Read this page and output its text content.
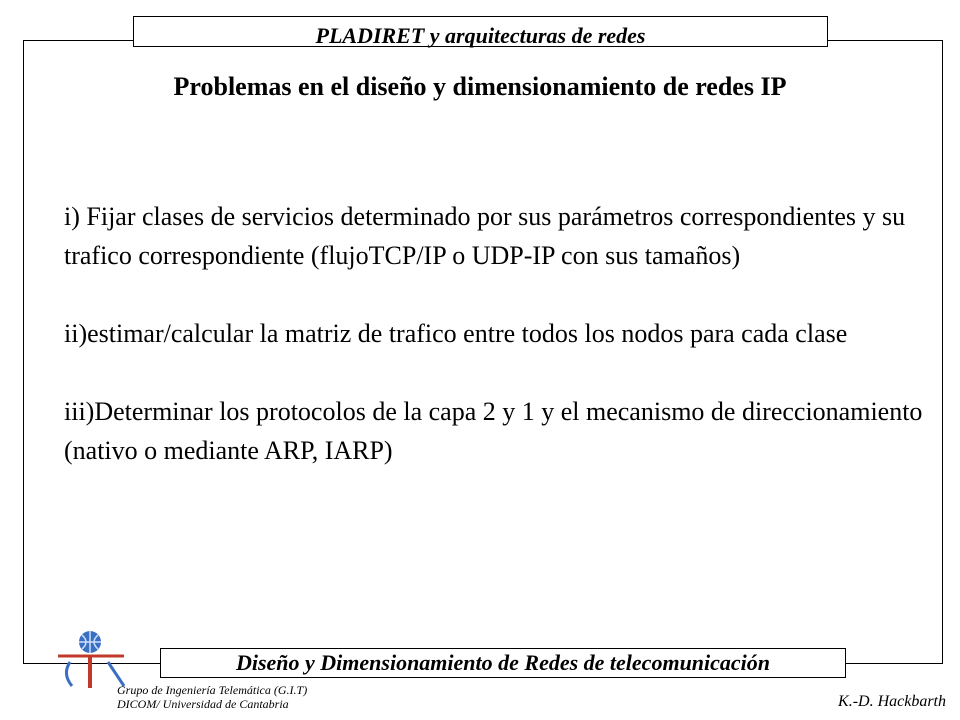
PLADIRET y arquitecturas de redes
Problemas en el diseño y dimensionamiento de redes IP

i) Fijar clases de servicios determinado por sus parámetros correspondientes y su trafico correspondiente (flujoTCP/IP o UDP-IP con sus tamaños)

ii)estimar/calcular la matriz de trafico entre todos los nodos para cada clase

iii)Determinar los protocolos de la capa 2 y 1 y el mecanismo de direccionamiento (nativo o mediante ARP, IARP)

Diseño y Dimensionamiento de Redes de telecomunicación
Grupo de Ingeniería Telemática (G.I.T)
DICOM/ Universidad de Cantabria	K.-D. Hackbarth
